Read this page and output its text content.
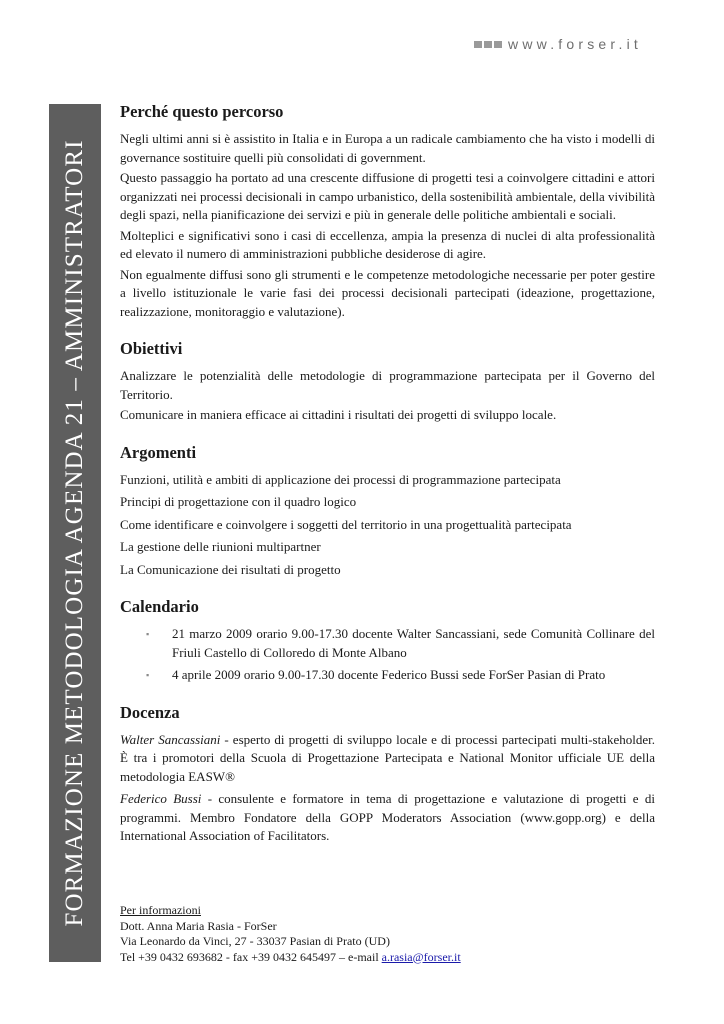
www.forser.it
FORMAZIONE METODOLOGIA AGENDA 21 – AMMINISTRATORI
Perché questo percorso

Negli ultimi anni si è assistito in Italia e in Europa a un radicale cambiamento che ha visto i modelli di governance sostituire quelli più consolidati di government.

Questo passaggio ha portato ad una crescente diffusione di progetti tesi a coinvolgere cittadini e attori organizzati nei processi decisionali in campo urbanistico, della sostenibilità ambientale, della vivibilità degli spazi, nella pianificazione dei servizi e più in generale delle politiche ambientali e sociali.

Molteplici e significativi sono i casi di eccellenza, ampia la presenza di nuclei di alta professionalità ed elevato il numero di amministrazioni pubbliche desiderose di agire.

Non egualmente diffusi sono gli strumenti e le competenze metodologiche necessarie per poter gestire a livello istituzionale le varie fasi dei processi decisionali partecipati (ideazione, progettazione, realizzazione, monitoraggio e valutazione).

Obiettivi

Analizzare le potenzialità delle metodologie di programmazione partecipata per il Governo del Territorio.

Comunicare in maniera efficace ai cittadini i risultati dei progetti di sviluppo locale.

Argomenti

Funzioni, utilità e ambiti di applicazione dei processi di programmazione partecipata

Principi di progettazione con il quadro logico

Come identificare e coinvolgere i soggetti del territorio in una progettualità partecipata

La gestione delle riunioni multipartner

La Comunicazione dei risultati di progetto

Calendario
▪ 21 marzo 2009 orario 9.00-17.30 docente Walter Sancassiani, sede Comunità Collinare del Friuli Castello di Colloredo di Monte Albano
▪ 4 aprile 2009 orario 9.00-17.30 docente Federico Bussi sede ForSer Pasian di Prato
Docenza

Walter Sancassiani - esperto di progetti di sviluppo locale e di processi partecipati multi-stakeholder. È tra i promotori della Scuola di Progettazione Partecipata e National Monitor ufficiale UE della metodologia EASW®

Federico Bussi - consulente e formatore in tema di progettazione e valutazione di progetti e di programmi. Membro Fondatore della GOPP Moderators Association (www.gopp.org) e della International Association of Facilitators.

Per informazioni
Dott. Anna Maria Rasia - ForSer
Via Leonardo da Vinci, 27 - 33037 Pasian di Prato (UD)
Tel +39 0432 693682 - fax +39 0432 645497 – e-mail a.rasia@forser.it
